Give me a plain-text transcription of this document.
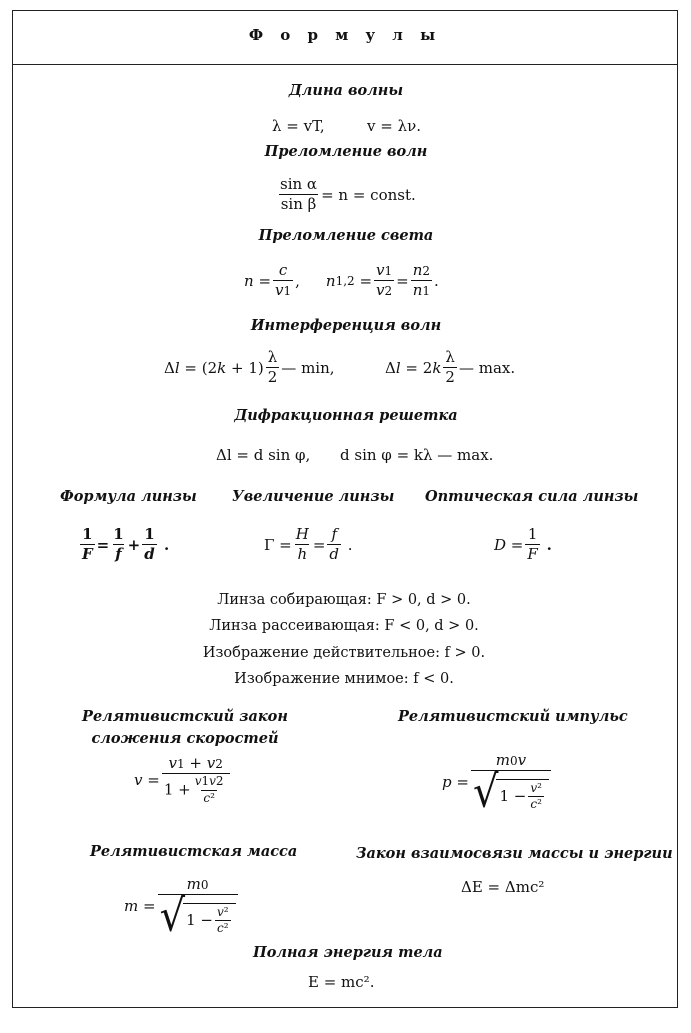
Ф о р м у л ы
Длина волны
λ = vT,	v = λν.
Преломление волн
$\frac{\text{sin α}}{\text{sin β}} = n$ = const.
Преломление света
n =
c
v1
, n 1,2 =
v1
v2
=
n2
n1
.
Интерференция волн
Δ l = (2 k + 1)
λ
2
— min,	Δ l = 2 k
λ
2
— max.
Дифракционная решетка
Δl = d sin φ, d sin φ = kλ — max.
Формула линзы Увеличение линзы Оптическая сила линзы
1
F
=
1
f
+
1
d
.	Γ =
H
h
=
f
d
.	D =
1
F

.
Линза собирающая: F > 0, d > 0.
Линза рассеивающая: F < 0, d > 0.
Изображение действительное: f > 0.
Изображение мнимое: f < 0.
Релятивистский закон сложения скоростей
v =
v1 + v2
$1 + \frac{v1v2}{\text{c²}}$
Релятивистский импульс
p =
m0v
√ 1 − v²
c²
Релятивистская масса
m =
m0
√ 1 − v²
c²
Закон взаимосвязи массы и энергии
ΔE = Δmc²
Полная энергия тела
E = mc².
